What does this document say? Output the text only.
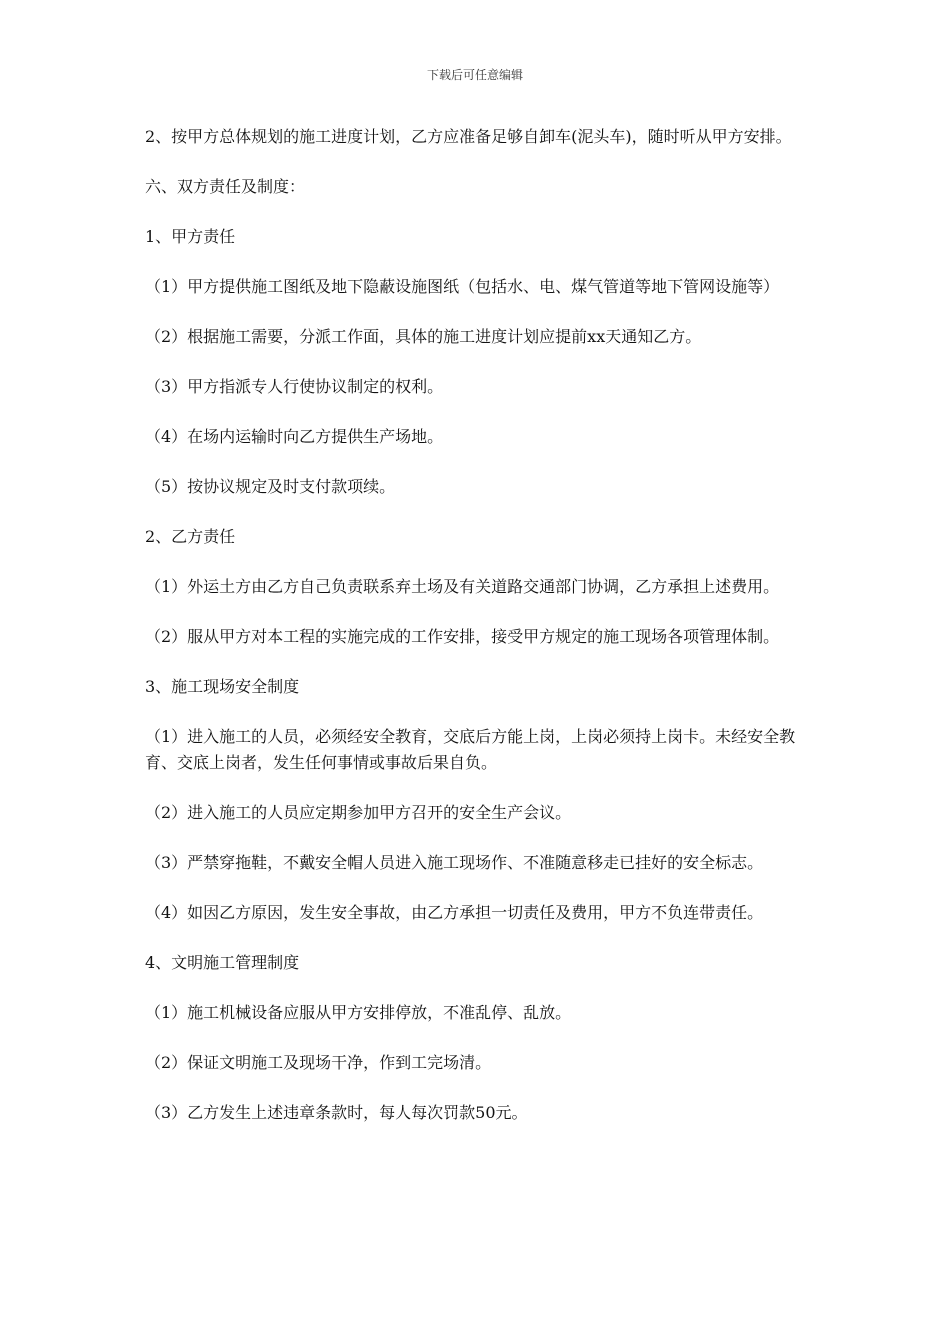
下载后可任意编辑

2、按甲方总体规划的施工进度计划，乙方应准备足够自卸车(泥头车)，随时听从甲方安排。

六、双方责任及制度：

1、甲方责任

（1）甲方提供施工图纸及地下隐蔽设施图纸（包括水、电、煤气管道等地下管网设施等）

（2）根据施工需要，分派工作面，具体的施工进度计划应提前xx天通知乙方。

（3）甲方指派专人行使协议制定的权利。

（4）在场内运输时向乙方提供生产场地。

（5）按协议规定及时支付款项续。

2、乙方责任

（1）外运土方由乙方自己负责联系弃土场及有关道路交通部门协调，乙方承担上述费用。

（2）服从甲方对本工程的实施完成的工作安排，接受甲方规定的施工现场各项管理体制。

3、施工现场安全制度

（1）进入施工的人员，必须经安全教育，交底后方能上岗，上岗必须持上岗卡。未经安全教育、交底上岗者，发生任何事情或事故后果自负。

（2）进入施工的人员应定期参加甲方召开的安全生产会议。

（3）严禁穿拖鞋，不戴安全帽人员进入施工现场作、不准随意移走已挂好的安全标志。

（4）如因乙方原因，发生安全事故，由乙方承担一切责任及费用，甲方不负连带责任。

4、文明施工管理制度

（1）施工机械设备应服从甲方安排停放，不准乱停、乱放。

（2）保证文明施工及现场干净，作到工完场清。

（3）乙方发生上述违章条款时，每人每次罚款50元。
